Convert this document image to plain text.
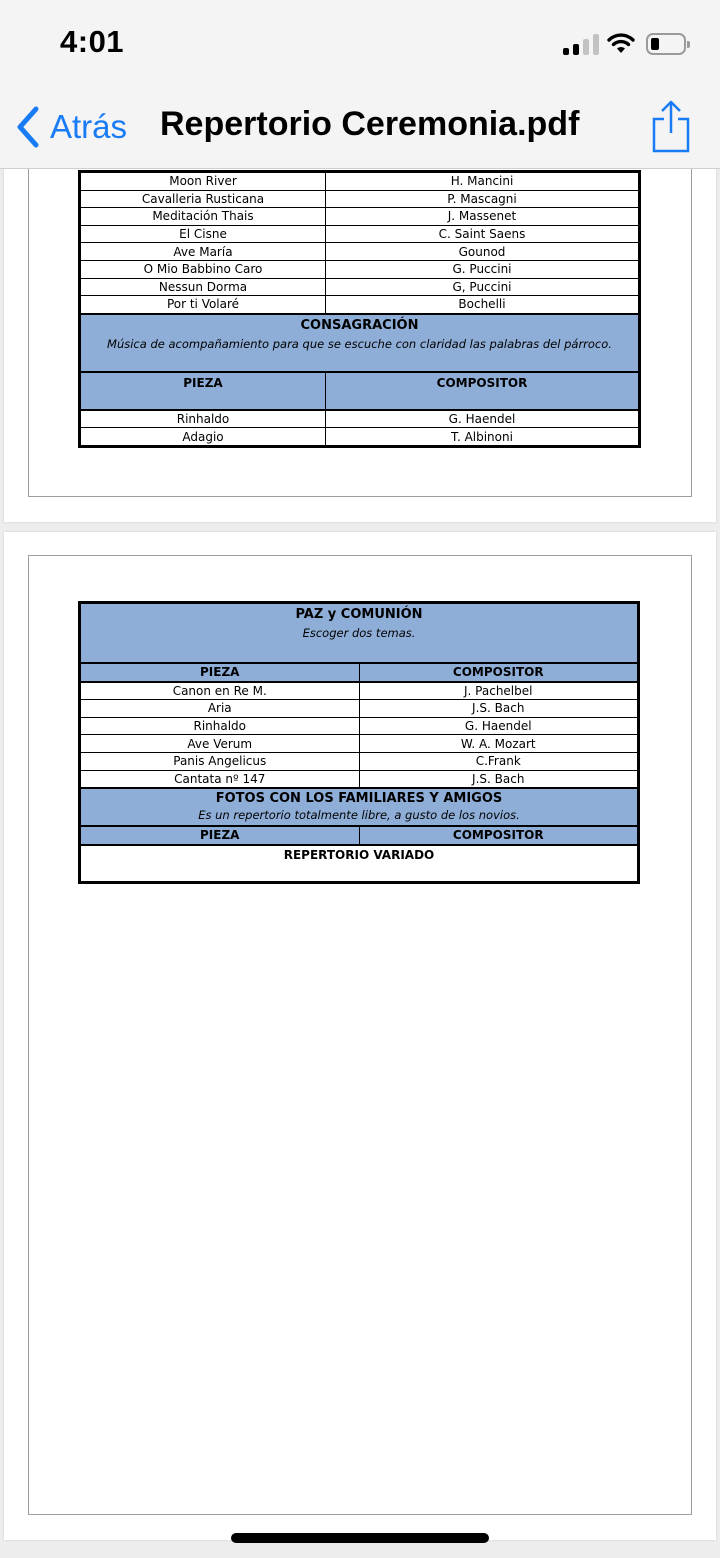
4:01
Atrás Repertorio Ceremonia.pdf
Moon River	H. Mancini
Cavalleria Rusticana	P. Mascagni
Meditación Thais	J. Massenet
El Cisne	C. Saint Saens
Ave María	Gounod
O Mio Babbino Caro	G. Puccini
Nessun Dorma	G, Puccini
Por ti Volaré	Bochelli

CONSAGRACIÓN
Música de acompañamiento para que se escuche con claridad las palabras del párroco.	

PIEZA	COMPOSITOR
Rinhaldo	G. Haendel
Adagio	T. Albinoni
PAZ y COMUNIÓN
Escoger dos temas.	

PIEZA	COMPOSITOR
Canon en Re M.	J. Pachelbel
Aria	J.S. Bach
Rinhaldo	G. Haendel
Ave Verum	W. A. Mozart
Panis Angelicus	C.Frank
Cantata nº 147	J.S. Bach

FOTOS CON LOS FAMILIARES Y AMIGOS
Es un repertorio totalmente libre, a gusto de los novios.	

PIEZA	COMPOSITOR
REPERTORIO VARIADO	
